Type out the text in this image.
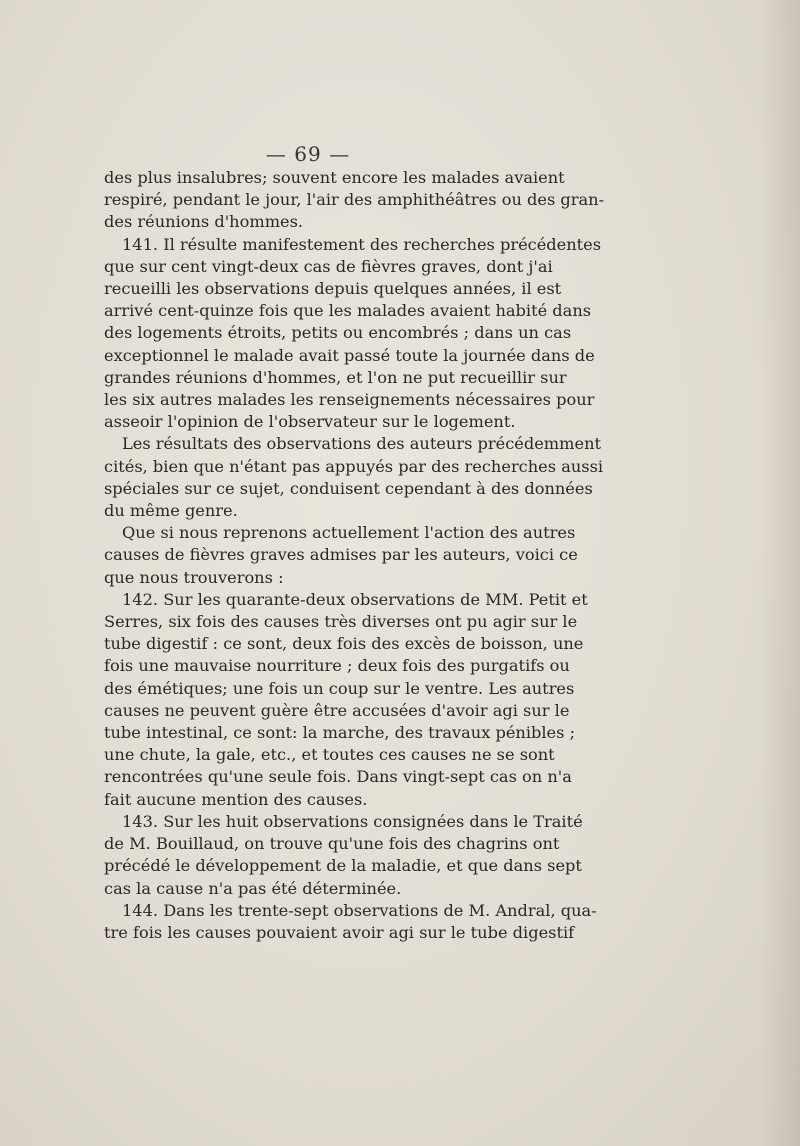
— 69 —
des plus insalubres; souvent encore les malades avaient
respiré, pendant le jour, l'air des amphithéâtres ou des gran-
des réunions d'hommes.
141. Il résulte manifestement des recherches précédentes
que sur cent vingt-deux cas de fièvres graves, dont j'ai
recueilli les observations depuis quelques années, il est
arrivé cent-quinze fois que les malades avaient habité dans
des logements étroits, petits ou encombrés ; dans un cas
exceptionnel le malade avait passé toute la journée dans de
grandes réunions d'hommes, et l'on ne put recueillir sur
les six autres malades les renseignements nécessaires pour
asseoir l'opinion de l'observateur sur le logement.
Les résultats des observations des auteurs précédemment
cités, bien que n'étant pas appuyés par des recherches aussi
spéciales sur ce sujet, conduisent cependant à des données
du même genre.
Que si nous reprenons actuellement l'action des autres
causes de fièvres graves admises par les auteurs, voici ce
que nous trouverons :
142. Sur les quarante-deux observations de MM. Petit et
Serres, six fois des causes très diverses ont pu agir sur le
tube digestif : ce sont, deux fois des excès de boisson, une
fois une mauvaise nourriture ; deux fois des purgatifs ou
des émétiques; une fois un coup sur le ventre. Les autres
causes ne peuvent guère être accusées d'avoir agi sur le
tube intestinal, ce sont: la marche, des travaux pénibles ;
une chute, la gale, etc., et toutes ces causes ne se sont
rencontrées qu'une seule fois. Dans vingt-sept cas on n'a
fait aucune mention des causes.
143. Sur les huit observations consignées dans le Traité
de M. Bouillaud, on trouve qu'une fois des chagrins ont
précédé le développement de la maladie, et que dans sept
cas la cause n'a pas été déterminée.
144. Dans les trente-sept observations de M. Andral, qua-
tre fois les causes pouvaient avoir agi sur le tube digestif
